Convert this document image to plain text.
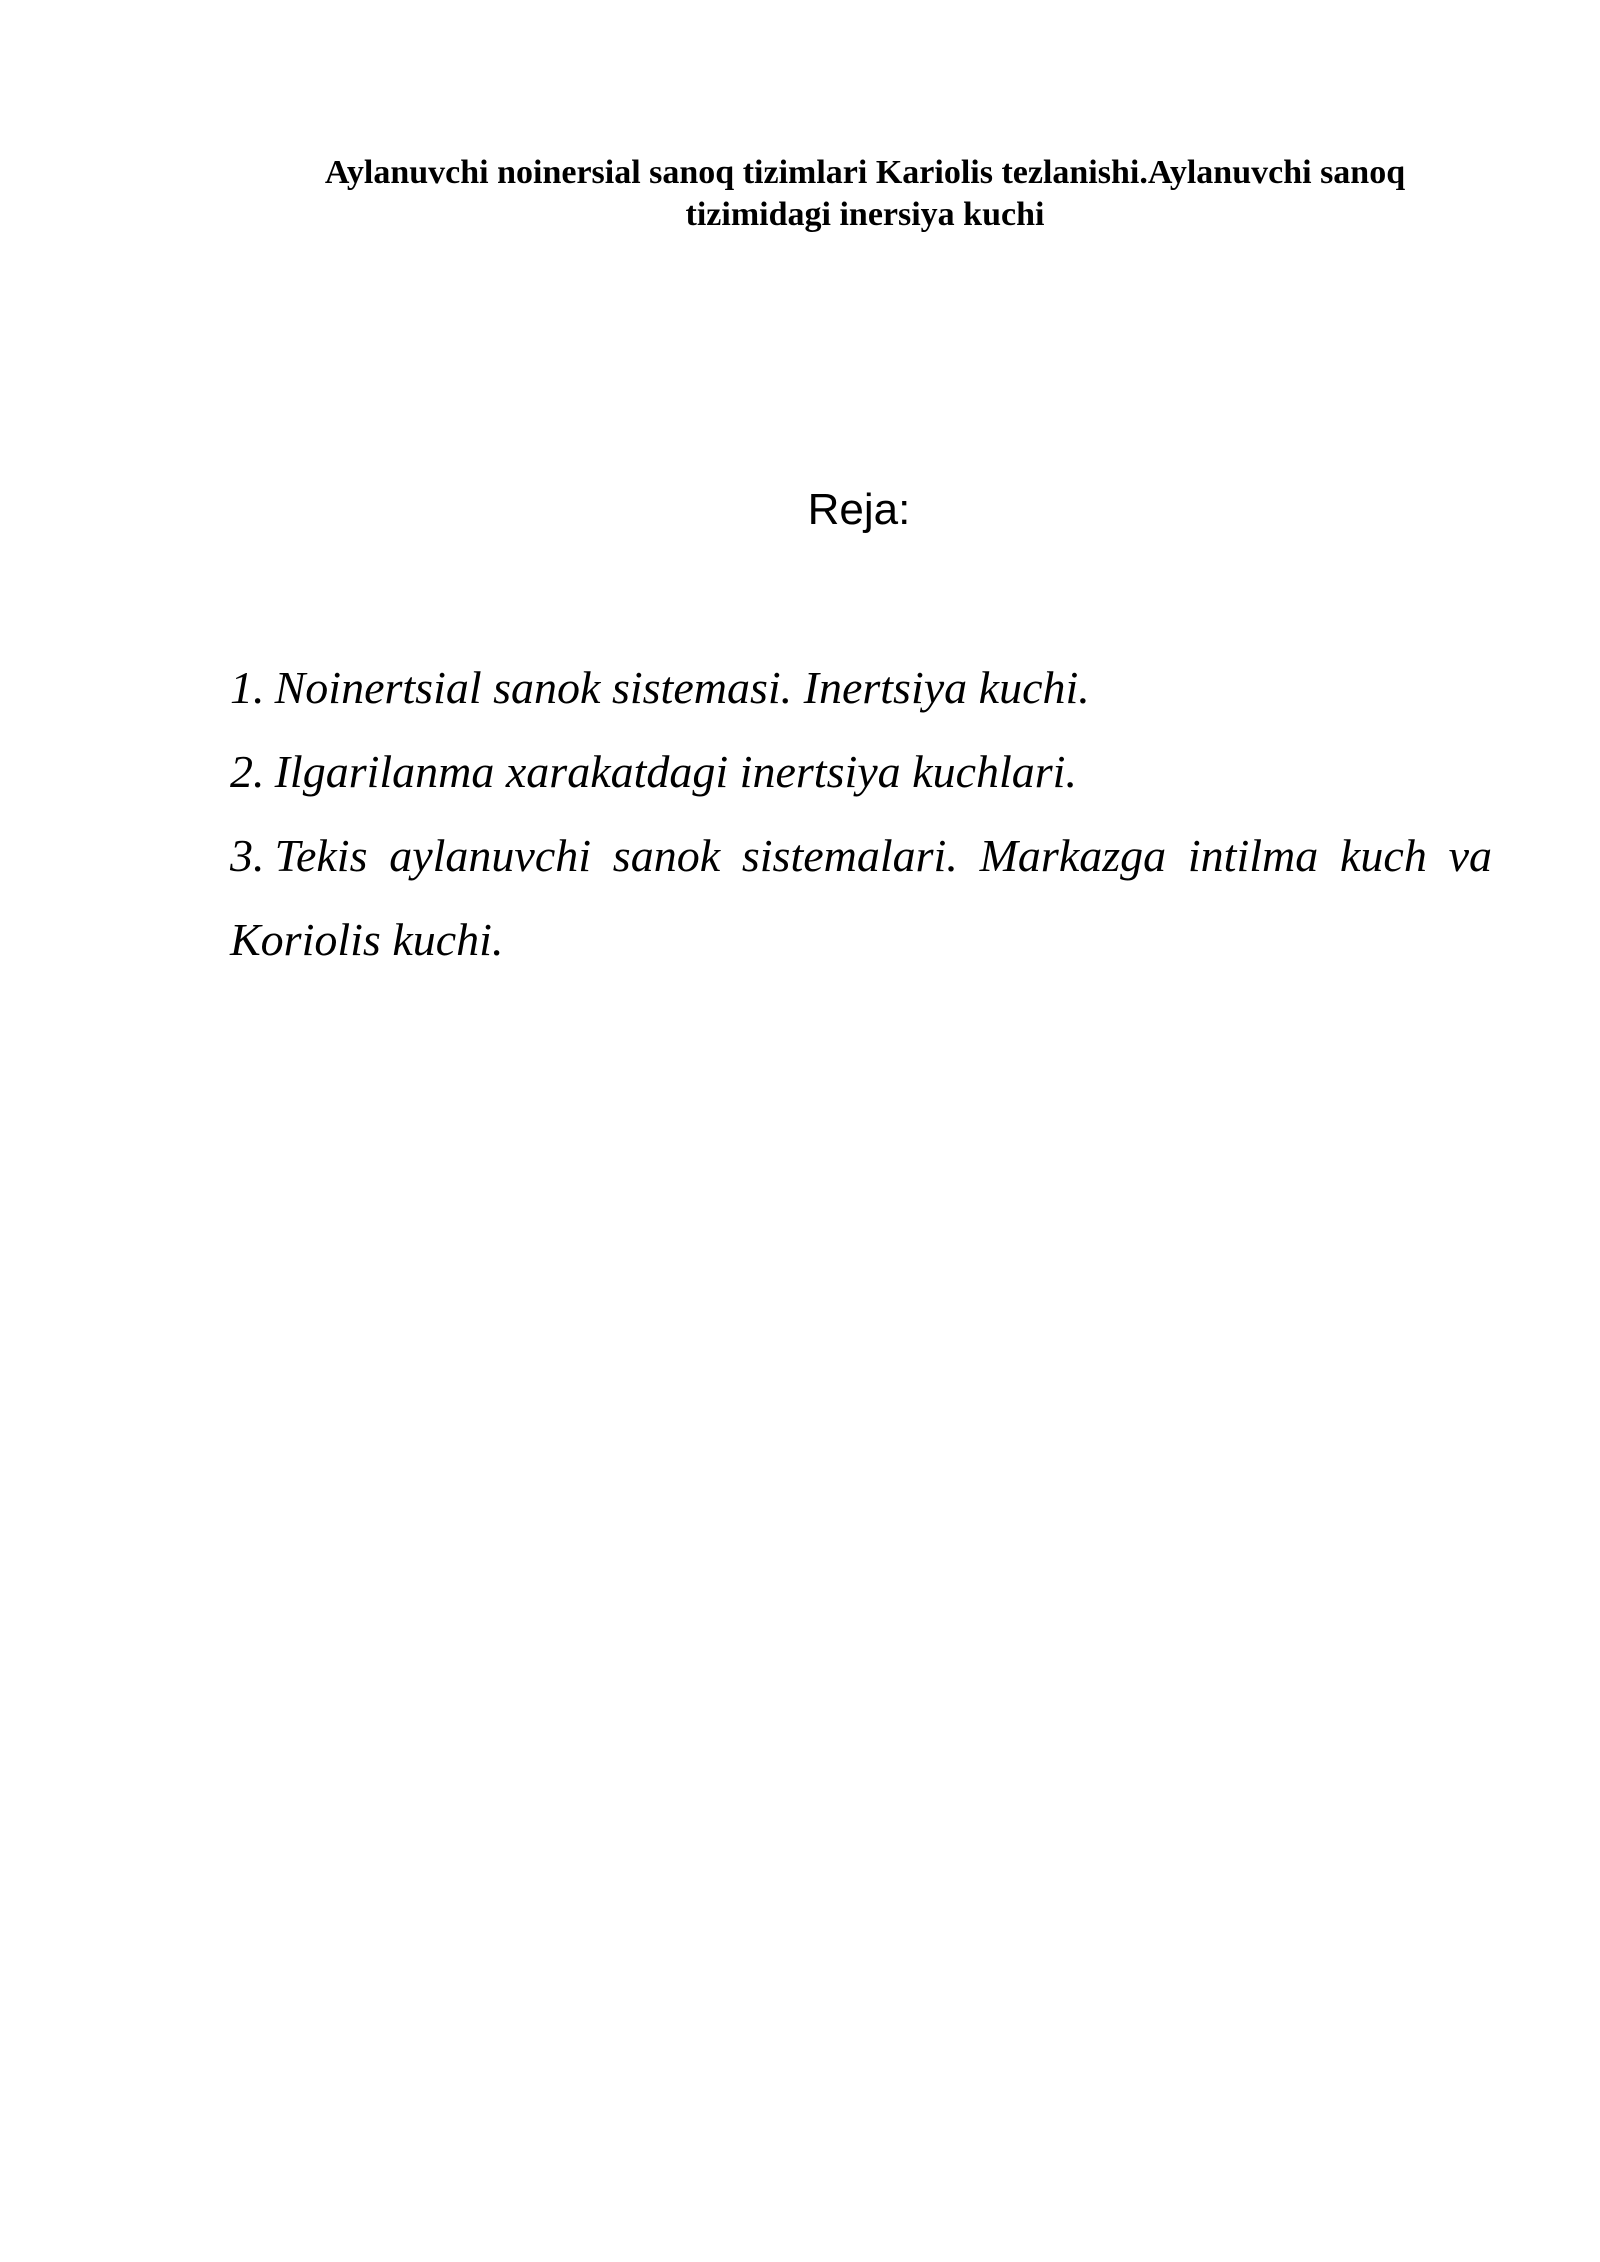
Aylanuvchi noinersial sanoq tizimlari Kariolis tezlanishi.Aylanuvchi sanoq
tizimidagi inersiya kuchi
Reja:
1. Noinertsial sanok sistemasi. Inertsiya kuchi.
2. Ilgarilanma xarakatdagi inertsiya kuchlari.
3. Tekis aylanuvchi sanok sistemalari. Markazga intilma kuch va Koriolis kuchi.
